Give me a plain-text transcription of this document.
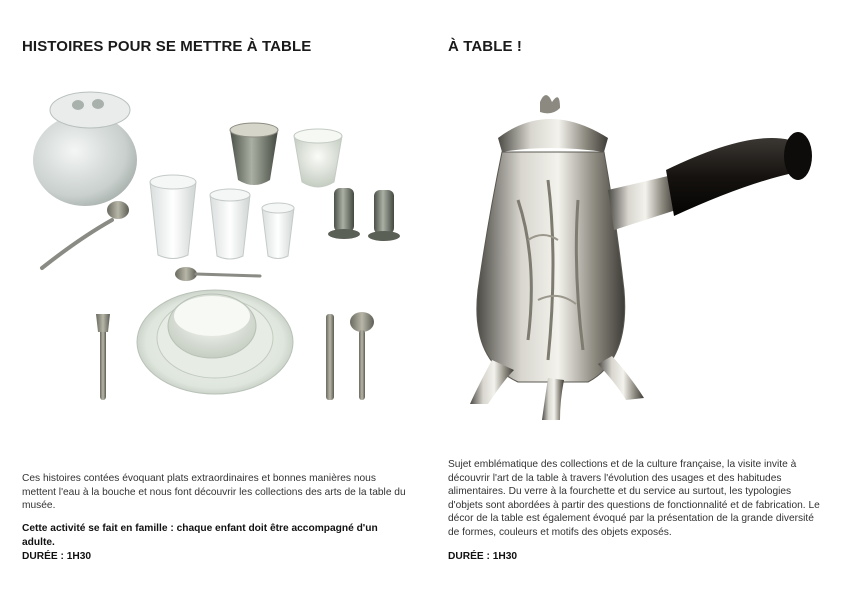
HISTOIRES POUR SE METTRE À TABLE	À TABLE !

Ces histoires contées évoquant plats extraordinaires et bonnes manières nous mettent l'eau à la bouche et nous font découvrir les collections des arts de la table du musée.

Cette activité se fait en famille : chaque enfant doit être accompagné d'un adulte.

DURÉE : 1H30

Sujet emblématique des collections et de la culture française, la visite invite à découvrir l'art de la table à travers l'évolution des usages et des habitudes alimentaires. Du verre à la fourchette et du service au surtout, les typologies d'objets sont abordées à partir des questions de fonctionnalité et de fabrication. Le décor de la table est également évoqué par la présentation de la grande diversité de formes, couleurs et motifs des objets exposés.

DURÉE : 1H30
